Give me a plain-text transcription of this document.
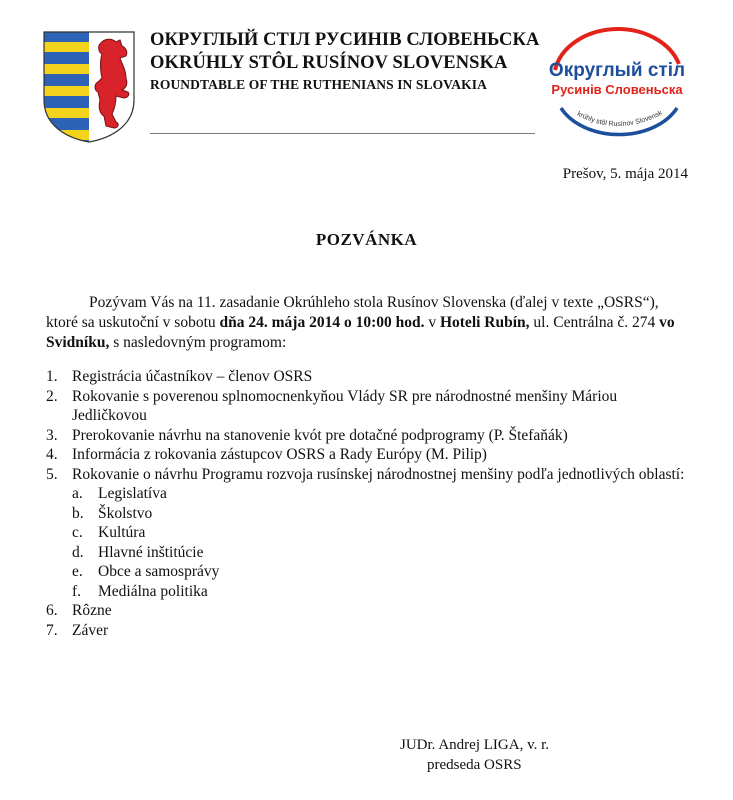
ОКРУГЛЫЙ СТІЛ РУСИНІВ СЛОВЕНЬСКА
OKRÚHLY STÔL RUSÍNOV SLOVENSKA
ROUNDTABLE OF THE RUTHENIANS IN SLOVAKIA
Округлый стіл
Русинів Словеньска
krúhly stôl Rusínov Slovensk
Prešov, 5. mája 2014
POZVÁNKA

Pozývam Vás na 11. zasadanie Okrúhleho stola Rusínov Slovenska (ďalej v texte „OSRS“), ktoré sa uskutoční v sobotu dňa 24. mája 2014 o 10:00 hod. v Hoteli Rubín, ul. Centrálna č. 274 vo Svidníku, s nasledovným programom:

1. Registrácia účastníkov – členov OSRS
2. Rokovanie s poverenou splnomocnenkyňou Vlády SR pre národnostné menšiny Máriou Jedličkovou
3. Prerokovanie návrhu na stanovenie kvót pre dotačné podprogramy (P. Štefaňák)
4. Informácia z rokovania zástupcov OSRS a Rady Európy (M. Pilip)
5. Rokovanie o návrhu Programu rozvoja rusínskej národnostnej menšiny podľa jednotlivých oblastí:
a. Legislatíva
b. Školstvo
c. Kultúra
d. Hlavné inštitúcie
e. Obce a samosprávy
f.	Mediálna politika
6. Rôzne
7. Záver
JUDr. Andrej LIGA, v. r.
predseda OSRS
